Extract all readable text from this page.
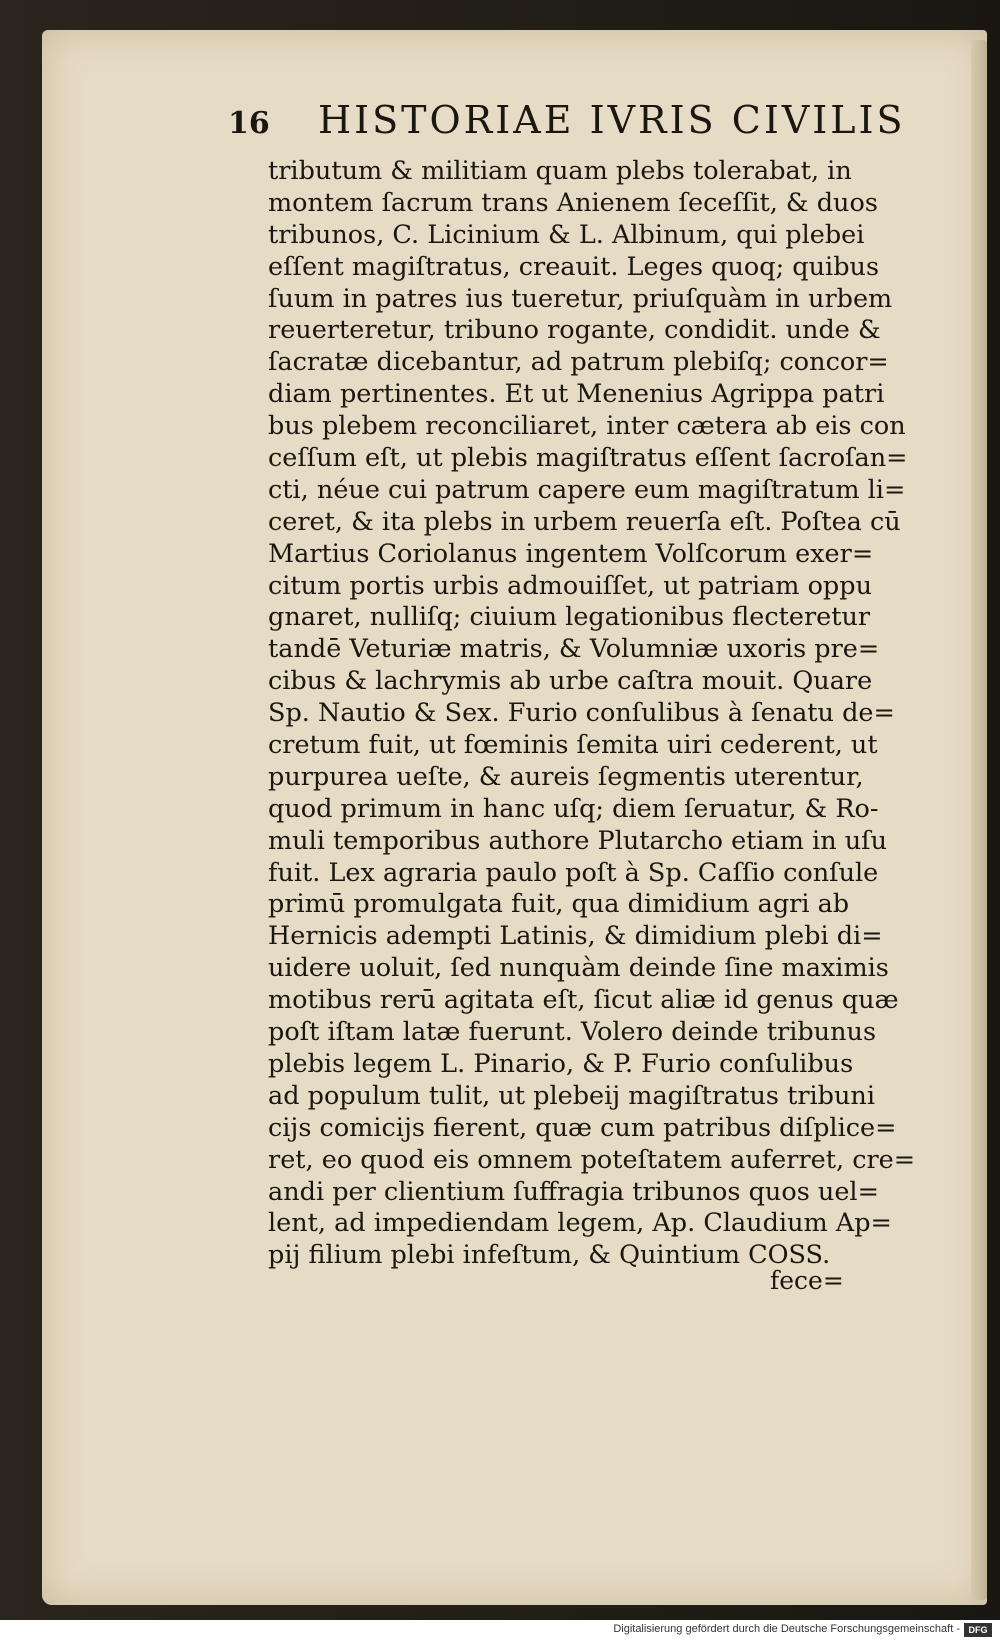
16 HISTORIAE IVRIS CIVILIS
tributum & militiam quam plebs tolerabat, in
montem ſacrum trans Anienem ſeceſſit, & duos
tribunos, C. Licinium & L. Albinum, qui plebei
eſſent magiſtratus, creauit. Leges quoq; quibus
ſuum in patres ius tueretur, priuſquàm in urbem
reuerteretur, tribuno rogante, condidit. unde &
ſacratæ dicebantur, ad patrum plebiſq; concor=
diam pertinentes. Et ut Menenius Agrippa patri
bus plebem reconciliaret, inter cætera ab eis con
ceſſum eſt, ut plebis magiſtratus eſſent ſacroſan=
cti, néue cui patrum capere eum magiſtratum li=
ceret, & ita plebs in urbem reuerſa eſt. Poſtea cū
Martius Coriolanus ingentem Volſcorum exer=
citum portis urbis admouiſſet, ut patriam oppu
gnaret, nulliſq; ciuium legationibus flecteretur
tandē Veturiæ matris, & Volumniæ uxoris pre=
cibus & lachrymis ab urbe caſtra mouit. Quare
Sp. Nautio & Sex. Furio conſulibus à ſenatu de=
cretum fuit, ut fœminis ſemita uiri cederent, ut
purpurea ueſte, & aureis ſegmentis uterentur,
quod primum in hanc uſq; diem ſeruatur, & Ro-
muli temporibus authore Plutarcho etiam in uſu
fuit. Lex agraria paulo poſt à Sp. Caſſio conſule
primū promulgata fuit, qua dimidium agri ab
Hernicis adempti Latinis, & dimidium plebi di=
uidere uoluit, ſed nunquàm deinde ſine maximis
motibus rerū agitata eſt, ſicut aliæ id genus quæ
poſt iſtam latæ fuerunt. Volero deinde tribunus
plebis legem L. Pinario, & P. Furio conſulibus
ad populum tulit, ut plebeij magiſtratus tribuni
cijs comicijs fierent, quæ cum patribus diſplice=
ret, eo quod eis omnem poteſtatem auferret, cre=
andi per clientium ſuffragia tribunos quos uel=
lent, ad impediendam legem, Ap. Claudium Ap=
pij filium plebi infeſtum, & Quintium COSS.
fece=
Digitalisierung gefördert durch die Deutsche Forschungsgemeinschaft - DFG
